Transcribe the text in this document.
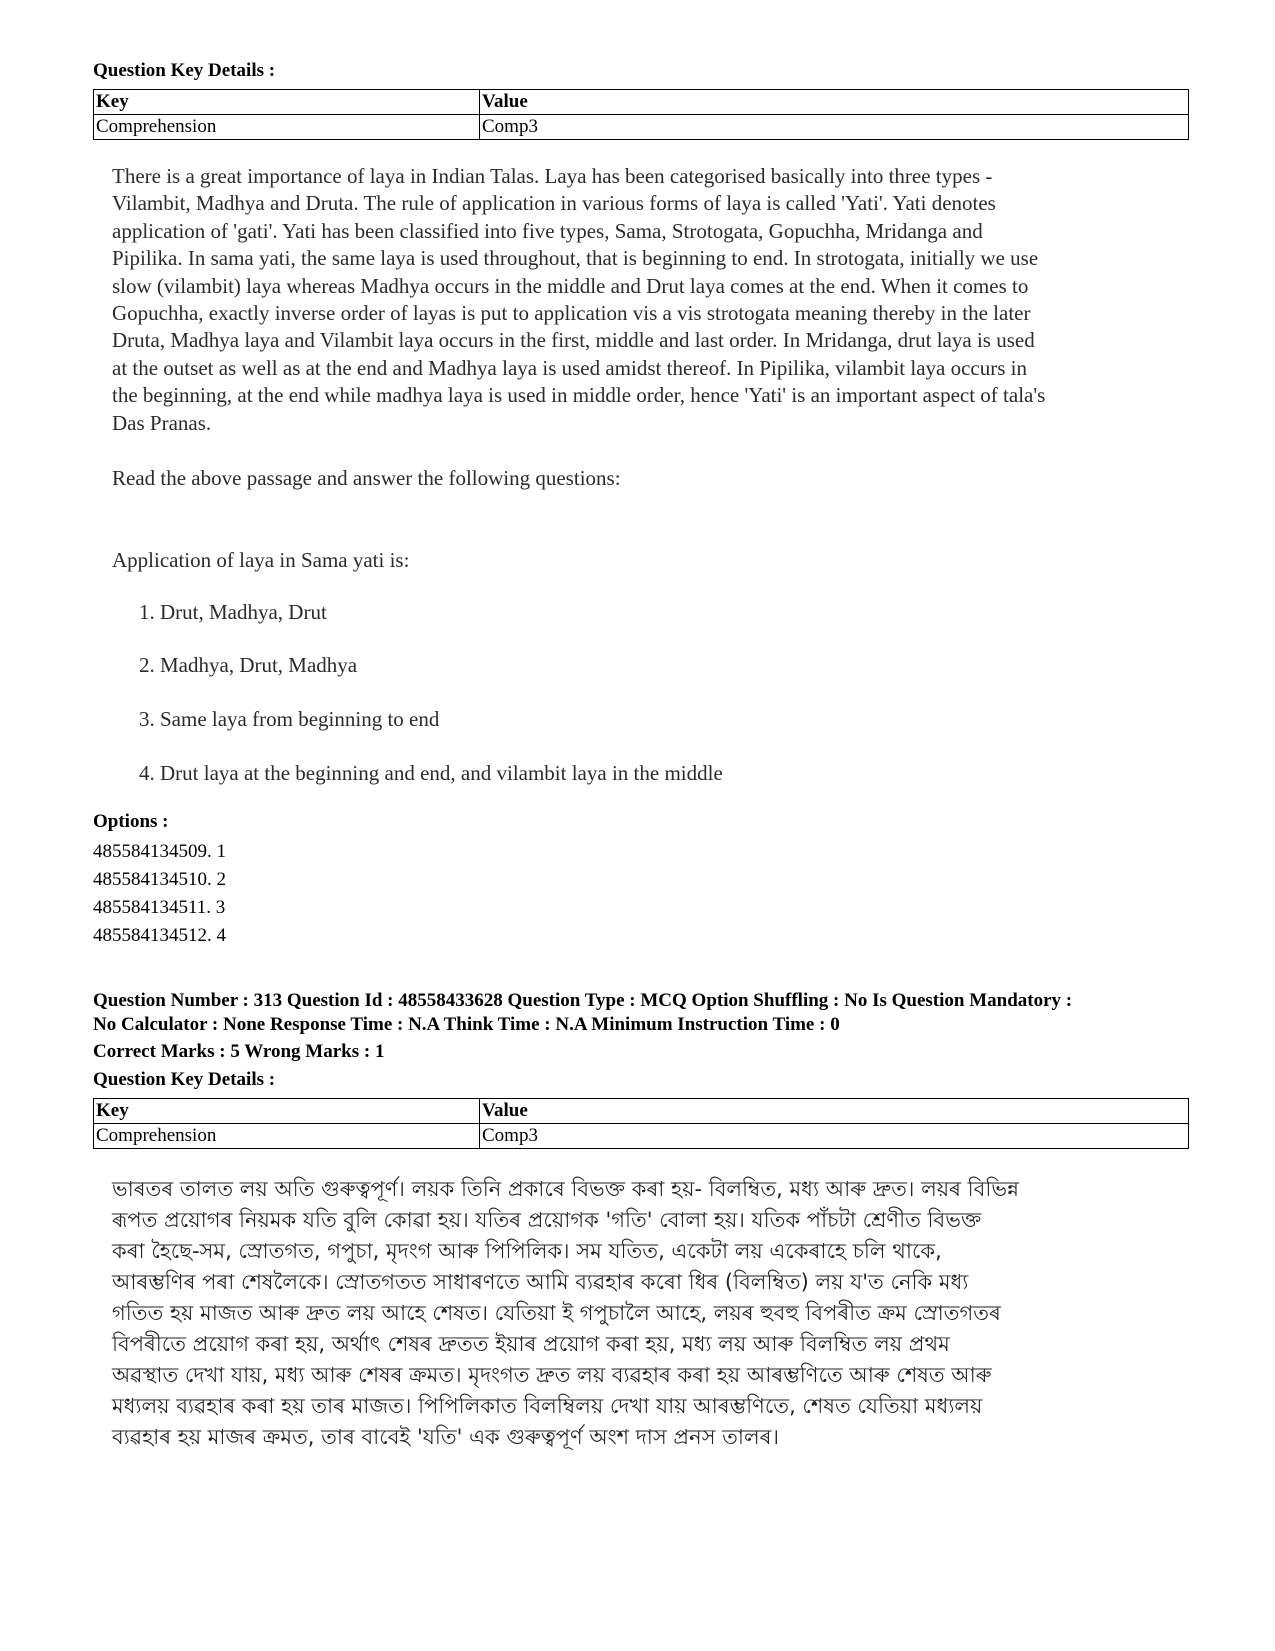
Question Key Details :
Key	Value
Comprehension	Comp3
There is a great importance of laya in Indian Talas. Laya has been categorised basically into three types -
Vilambit, Madhya and Druta. The rule of application in various forms of laya is called 'Yati'. Yati denotes
application of 'gati'. Yati has been classified into five types, Sama, Strotogata, Gopuchha, Mridanga and
Pipilika. In sama yati, the same laya is used throughout, that is beginning to end. In strotogata, initially we use
slow (vilambit) laya whereas Madhya occurs in the middle and Drut laya comes at the end. When it comes to
Gopuchha, exactly inverse order of layas is put to application vis a vis strotogata meaning thereby in the later
Druta, Madhya laya and Vilambit laya occurs in the first, middle and last order. In Mridanga, drut laya is used
at the outset as well as at the end and Madhya laya is used amidst thereof. In Pipilika, vilambit laya occurs in
the beginning, at the end while madhya laya is used in middle order, hence 'Yati' is an important aspect of tala's
Das Pranas.
Read the above passage and answer the following questions:
Application of laya in Sama yati is:
1. Drut, Madhya, Drut
2. Madhya, Drut, Madhya
3. Same laya from beginning to end
4. Drut laya at the beginning and end, and vilambit laya in the middle
Options :
485584134509. 1
485584134510. 2
485584134511. 3
485584134512. 4
Question Number : 313 Question Id : 48558433628 Question Type : MCQ Option Shuffling : No Is Question Mandatory :
No Calculator : None Response Time : N.A Think Time : N.A Minimum Instruction Time : 0
Correct Marks : 5 Wrong Marks : 1
Question Key Details :
Key	Value
Comprehension	Comp3
ভাৰতৰ তালত লয় অতি গুৰুত্বপূৰ্ণ। লয়ক তিনি প্ৰকাৰে বিভক্ত কৰা হয়- বিলম্বিত, মধ্য আৰু দ্রুত। লয়ৰ বিভিন্ন
ৰূপত প্ৰয়োগৰ নিয়মক যতি বুলি কোৱা হয়। যতিৰ প্ৰয়োগক 'গতি' বোলা হয়। যতিক পাঁচটা শ্ৰেণীত বিভক্ত
কৰা হৈছে-সম, স্ৰোতগত, গপুচা, মৃদংগ আৰু পিপিলিক। সম যতিত, একেটা লয় একেৰাহে চলি থাকে,
আৰম্ভণিৰ পৰা শেষলৈকে। স্ৰোতগতত সাধাৰণতে আমি ব্যৱহাৰ কৰো ধিৰ (বিলম্বিত) লয় য'ত নেকি মধ্য
গতিত হয় মাজত আৰু দ্রুত লয় আহে শেষত। যেতিয়া ই গপুচালৈ আহে, লয়ৰ হুবহু বিপৰীত ক্ৰম স্ৰোতগতৰ
বিপৰীতে প্ৰয়োগ কৰা হয়, অৰ্থাৎ শেষৰ দ্রুতত ইয়াৰ প্ৰয়োগ কৰা হয়, মধ্য লয় আৰু বিলম্বিত লয় প্ৰথম
অৱস্থাত দেখা যায়, মধ্য আৰু শেষৰ ক্ৰমত। মৃদংগত দ্রুত লয় ব্যৱহাৰ কৰা হয় আৰম্ভণিতে আৰু শেষত আৰু
মধ্যলয় ব্যৱহাৰ কৰা হয় তাৰ মাজত। পিপিলিকাত বিলম্বিলয় দেখা যায় আৰম্ভণিতে, শেষত যেতিয়া মধ্যলয়
ব্যৱহাৰ হয় মাজৰ ক্ৰমত, তাৰ বাবেই 'যতি' এক গুৰুত্বপূৰ্ণ অংশ দাস প্ৰনস তালৰ।
